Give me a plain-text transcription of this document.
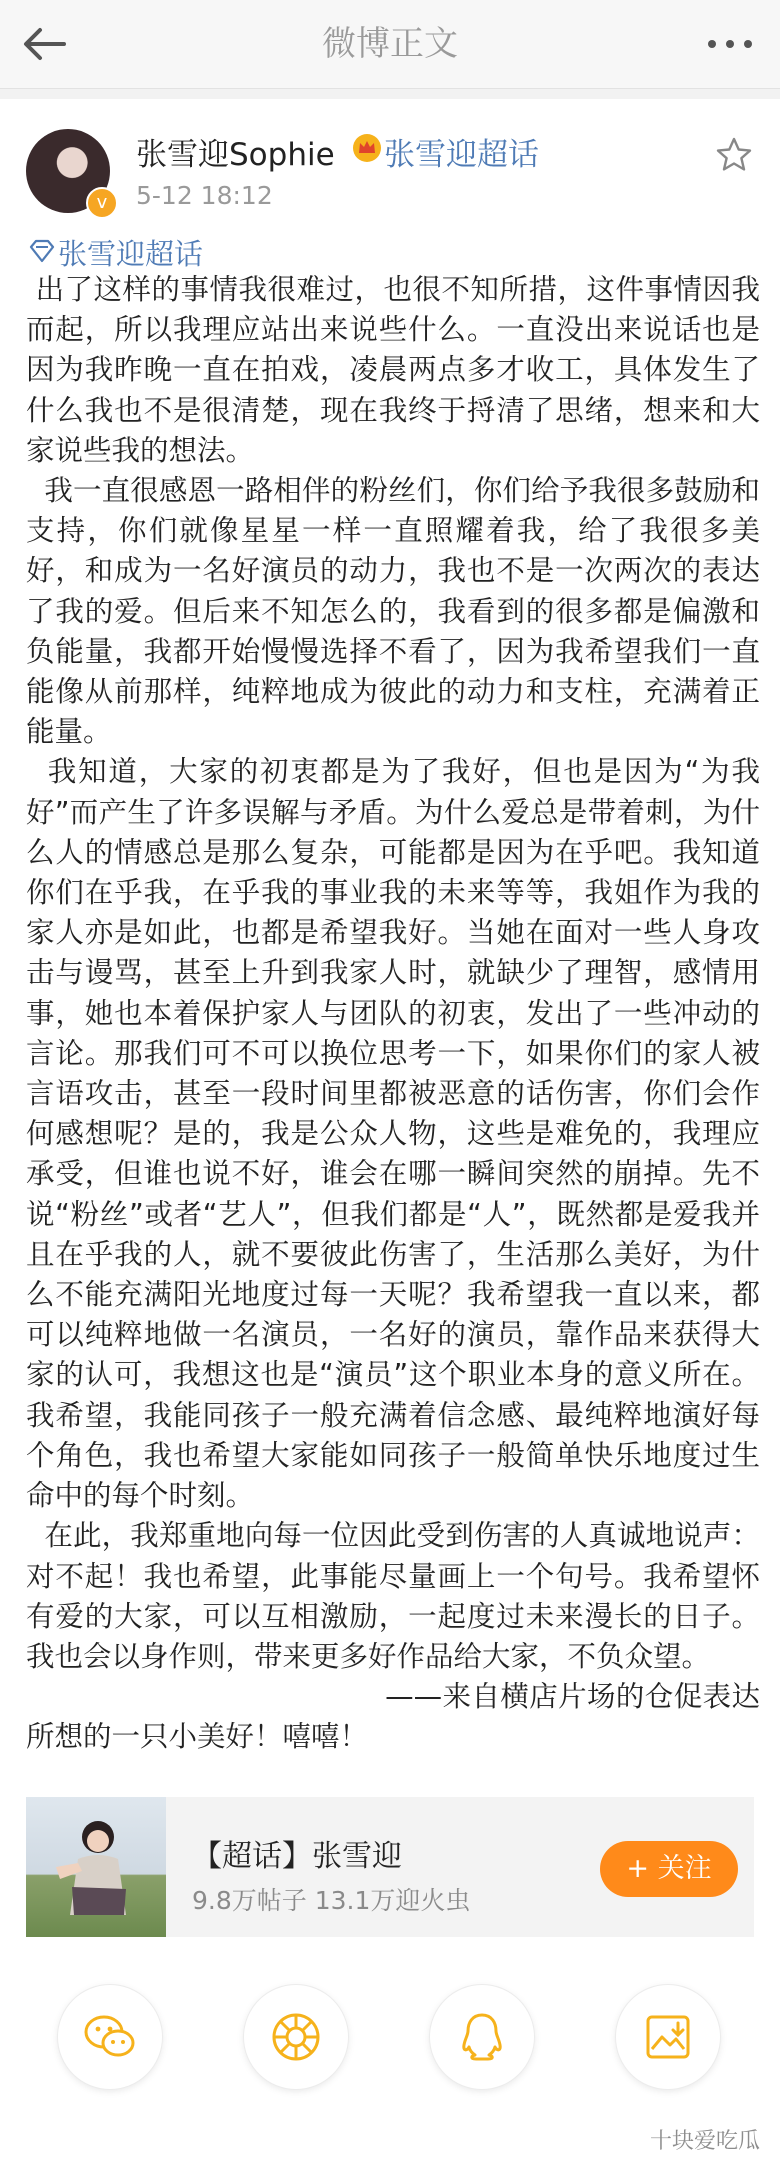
微博正文
v
张雪迎Sophie 张雪迎超话
5-12 18:12
张雪迎超话

出了这样的事情我很难过，也很不知所措，这件事情因我而起，所以我理应站出来说些什么。一直没出来说话也是因为我昨晚一直在拍戏，凌晨两点多才收工，具体发生了什么我也不是很清楚，现在我终于捋清了思绪，想来和大家说些我的想法。

我一直很感恩一路相伴的粉丝们，你们给予我很多鼓励和支持，你们就像星星一样一直照耀着我，给了我很多美好，和成为一名好演员的动力，我也不是一次两次的表达了我的爱。但后来不知怎么的，我看到的很多都是偏激和负能量，我都开始慢慢选择不看了，因为我希望我们一直能像从前那样，纯粹地成为彼此的动力和支柱，充满着正能量。

我知道，大家的初衷都是为了我好，但也是因为“为我好”而产生了许多误解与矛盾。为什么爱总是带着刺，为什么人的情感总是那么复杂，可能都是因为在乎吧。我知道你们在乎我，在乎我的事业我的未来等等，我姐作为我的家人亦是如此，也都是希望我好。当她在面对一些人身攻击与谩骂，甚至上升到我家人时，就缺少了理智，感情用事，她也本着保护家人与团队的初衷，发出了一些冲动的言论。那我们可不可以换位思考一下，如果你们的家人被言语攻击，甚至一段时间里都被恶意的话伤害，你们会作何感想呢？是的，我是公众人物，这些是难免的，我理应承受，但谁也说不好，谁会在哪一瞬间突然的崩掉。先不说“粉丝”或者“艺人”，但我们都是“人”，既然都是爱我并且在乎我的人，就不要彼此伤害了，生活那么美好，为什么不能充满阳光地度过每一天呢？我希望我一直以来，都可以纯粹地做一名演员，一名好的演员，靠作品来获得大家的认可，我想这也是“演员”这个职业本身的意义所在。我希望，我能同孩子一般充满着信念感、最纯粹地演好每个角色，我也希望大家能如同孩子一般简单快乐地度过生命中的每个时刻。

在此，我郑重地向每一位因此受到伤害的人真诚地说声：对不起！我也希望，此事能尽量画上一个句号。我希望怀有爱的大家，可以互相激励，一起度过未来漫长的日子。我也会以身作则，带来更多好作品给大家，不负众望。

——来自横店片场的仓促表达所想的一只小美好！嘻嘻！

【超话】张雪迎
9.8万帖子 13.1万迎火虫
+ 关注
十块爱吃瓜
